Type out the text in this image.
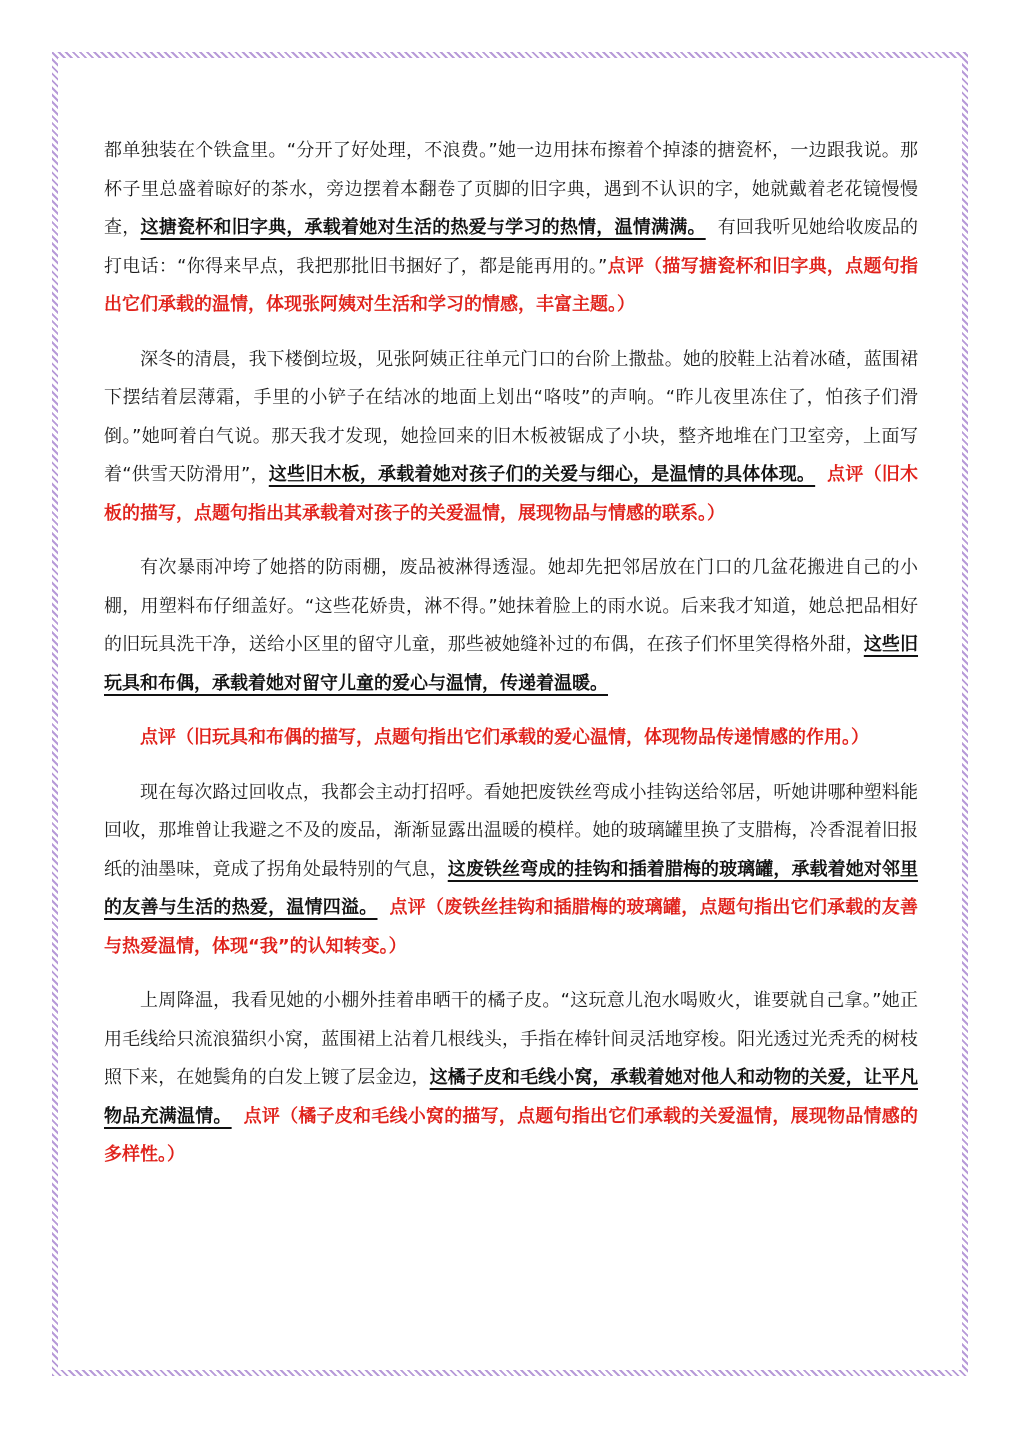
都单独装在个铁盒里。“分开了好处理，不浪费。”她一边用抹布擦着个掉漆的搪瓷杯，一边跟我说。那杯子里总盛着晾好的茶水，旁边摆着本翻卷了页脚的旧字典，遇到不认识的字，她就戴着老花镜慢慢查，这搪瓷杯和旧字典，承载着她对生活的热爱与学习的热情，温情满满。 有回我听见她给收废品的打电话：“你得来早点，我把那批旧书捆好了，都是能再用的。”点评（描写搪瓷杯和旧字典，点题句指出它们承载的温情，体现张阿姨对生活和学习的情感，丰富主题。）

深冬的清晨，我下楼倒垃圾，见张阿姨正往单元门口的台阶上撒盐。她的胶鞋上沾着冰碴，蓝围裙下摆结着层薄霜，手里的小铲子在结冰的地面上划出“咯吱”的声响。“昨儿夜里冻住了，怕孩子们滑倒。”她呵着白气说。那天我才发现，她捡回来的旧木板被锯成了小块，整齐地堆在门卫室旁，上面写着“供雪天防滑用”，这些旧木板，承载着她对孩子们的关爱与细心，是温情的具体体现。 点评（旧木板的描写，点题句指出其承载着对孩子的关爱温情，展现物品与情感的联系。）

有次暴雨冲垮了她搭的防雨棚，废品被淋得透湿。她却先把邻居放在门口的几盆花搬进自己的小棚，用塑料布仔细盖好。“这些花娇贵，淋不得。”她抹着脸上的雨水说。后来我才知道，她总把品相好的旧玩具洗干净，送给小区里的留守儿童，那些被她缝补过的布偶，在孩子们怀里笑得格外甜，这些旧玩具和布偶，承载着她对留守儿童的爱心与温情，传递着温暖。

点评（旧玩具和布偶的描写，点题句指出它们承载的爱心温情，体现物品传递情感的作用。）

现在每次路过回收点，我都会主动打招呼。看她把废铁丝弯成小挂钩送给邻居，听她讲哪种塑料能回收，那堆曾让我避之不及的废品，渐渐显露出温暖的模样。她的玻璃罐里换了支腊梅，冷香混着旧报纸的油墨味，竟成了拐角处最特别的气息，这废铁丝弯成的挂钩和插着腊梅的玻璃罐，承载着她对邻里的友善与生活的热爱，温情四溢。 点评（废铁丝挂钩和插腊梅的玻璃罐，点题句指出它们承载的友善与热爱温情，体现“我”的认知转变。）

上周降温，我看见她的小棚外挂着串晒干的橘子皮。“这玩意儿泡水喝败火，谁要就自己拿。”她正用毛线给只流浪猫织小窝，蓝围裙上沾着几根线头，手指在棒针间灵活地穿梭。阳光透过光秃秃的树枝照下来，在她鬓角的白发上镀了层金边，这橘子皮和毛线小窝，承载着她对他人和动物的关爱，让平凡物品充满温情。 点评（橘子皮和毛线小窝的描写，点题句指出它们承载的关爱温情，展现物品情感的多样性。）
